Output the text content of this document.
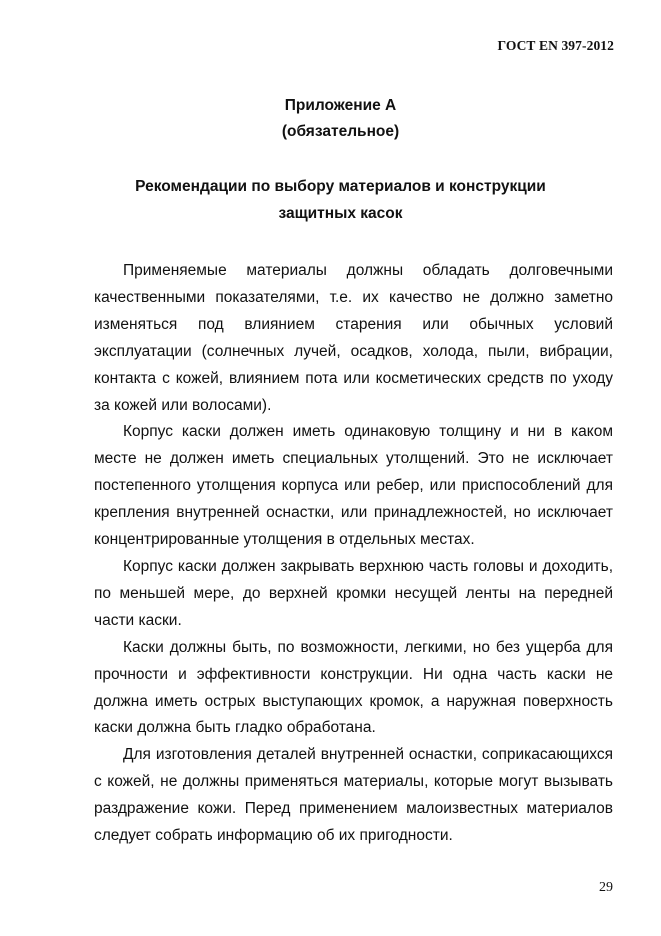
ГОСТ EN 397-2012
Приложение А
(обязательное)
Рекомендации по выбору материалов и конструкции
защитных касок

Применяемые материалы должны обладать долговечными качественными показателями, т.е. их качество не должно заметно изменяться под влиянием старения или обычных условий эксплуатации (солнечных лучей, осадков, холода, пыли, вибрации, контакта с кожей, влиянием пота или косметических средств по уходу за кожей или волосами).

Корпус каски должен иметь одинаковую толщину и ни в каком месте не должен иметь специальных утолщений. Это не исключает постепенного утолщения корпуса или ребер, или приспособлений для крепления внутренней оснастки, или принадлежностей, но исключает концентрированные утолщения в отдельных местах.

Корпус каски должен закрывать верхнюю часть головы и доходить, по меньшей мере, до верхней кромки несущей ленты на передней части каски.

Каски должны быть, по возможности, легкими, но без ущерба для прочности и эффективности конструкции. Ни одна часть каски не должна иметь острых выступающих кромок, а наружная поверхность каски должна быть гладко обработана.

Для изготовления деталей внутренней оснастки, соприкасающихся с кожей, не должны применяться материалы, которые могут вызывать раздражение кожи. Перед применением малоизвестных материалов следует собрать информацию об их пригодности.

29
